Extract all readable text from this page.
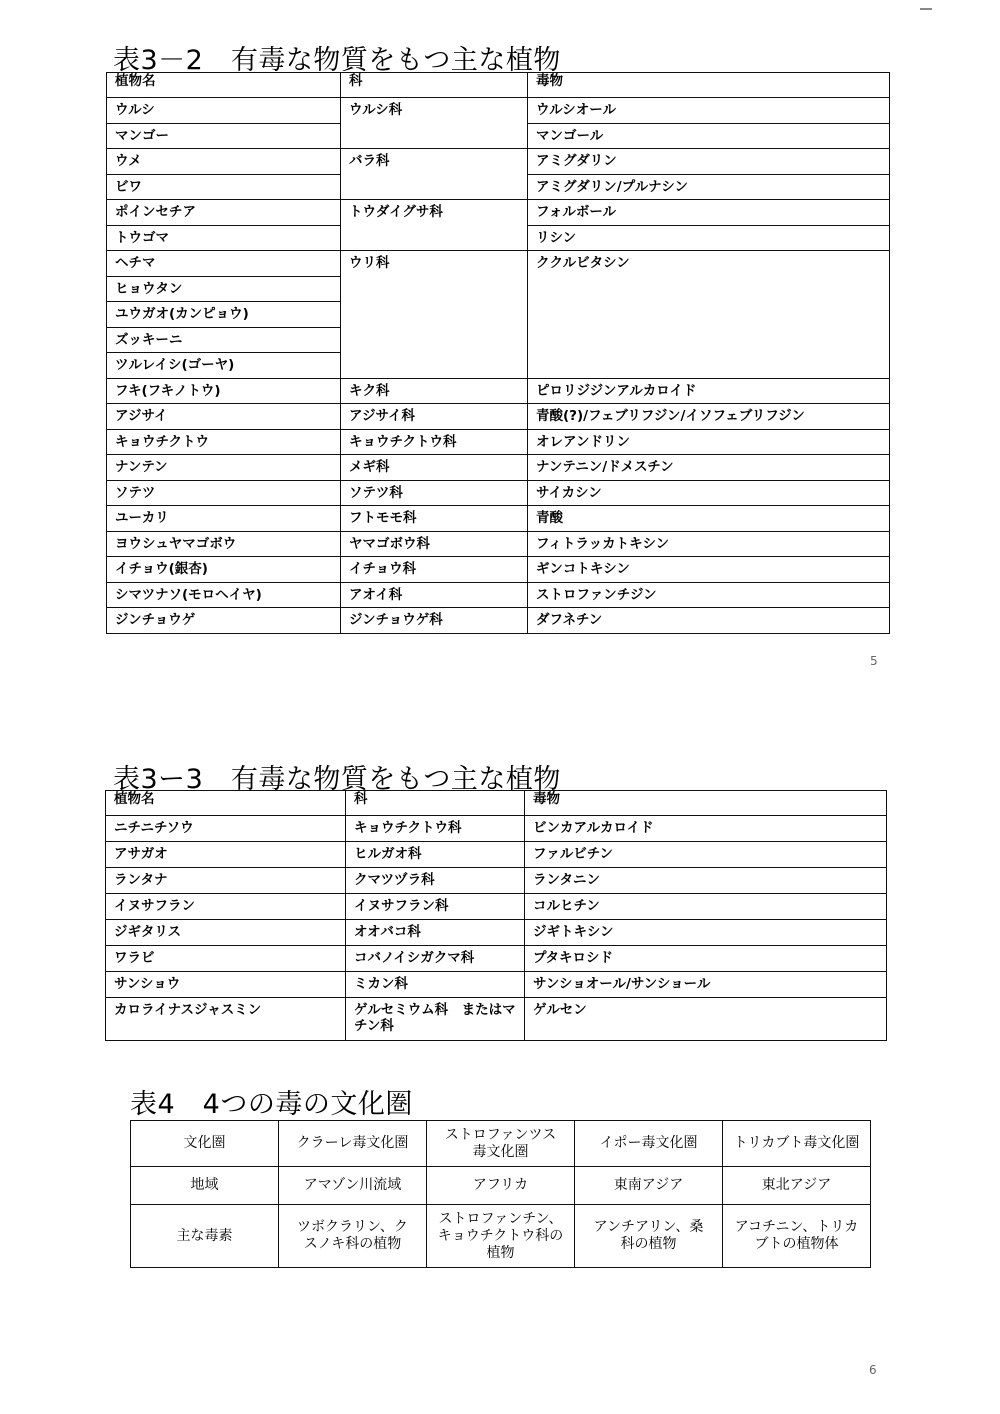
表3－2　有毒な物質をもつ主な植物
植物名	科	毒物

ウルシ	ウルシ科	ウルシオール

マンゴー		マンゴール

ウメ	バラ科	アミグダリン

ビワ		アミグダリン/プルナシン

ポインセチア	トウダイグサ科	フォルボール

トウゴマ		リシン

ヘチマ	ウリ科	ククルビタシン

ヒョウタン		

ユウガオ(カンピョウ)		

ズッキーニ		

ツルレイシ(ゴーヤ)		

フキ(フキノトウ)	キク科	ピロリジジンアルカロイド

アジサイ	アジサイ科	青酸(?)/フェブリフジン/イソフェブリフジン

キョウチクトウ	キョウチクトウ科	オレアンドリン

ナンテン	メギ科	ナンテニン/ドメスチン

ソテツ	ソテツ科	サイカシン

ユーカリ	フトモモ科	青酸

ヨウシュヤマゴボウ	ヤマゴボウ科	フィトラッカトキシン

イチョウ(銀杏)	イチョウ科	ギンコトキシン

シマツナソ(モロヘイヤ)	アオイ科	ストロファンチジン

ジンチョウゲ	ジンチョウゲ科	ダフネチン
5
表3ー3　有毒な物質をもつ主な植物
植物名	科	毒物

ニチニチソウ	キョウチクトウ科	ビンカアルカロイド

アサガオ	ヒルガオ科	ファルビチン

ランタナ	クマツヅラ科	ランタニン

イヌサフラン	イヌサフラン科	コルヒチン

ジギタリス	オオバコ科	ジギトキシン

ワラビ	コバノイシガクマ科	プタキロシド

サンショウ	ミカン科	サンショオール/サンショール

カロライナスジャスミン	ゲルセミウム科　またはマチン科	ゲルセン
表4　4つの毒の文化圏
文化圏	クラーレ毒文化圏	ストロファンツス毒文化圏	イポー毒文化圏	トリカブト毒文化圏
地域	アマゾン川流域	アフリカ	東南アジア	東北アジア
主な毒素	ツボクラリン、クスノキ科の植物	ストロファンチン、キョウチクトウ科の植物	アンチアリン、桑科の植物	アコチニン、トリカブトの植物体
6
